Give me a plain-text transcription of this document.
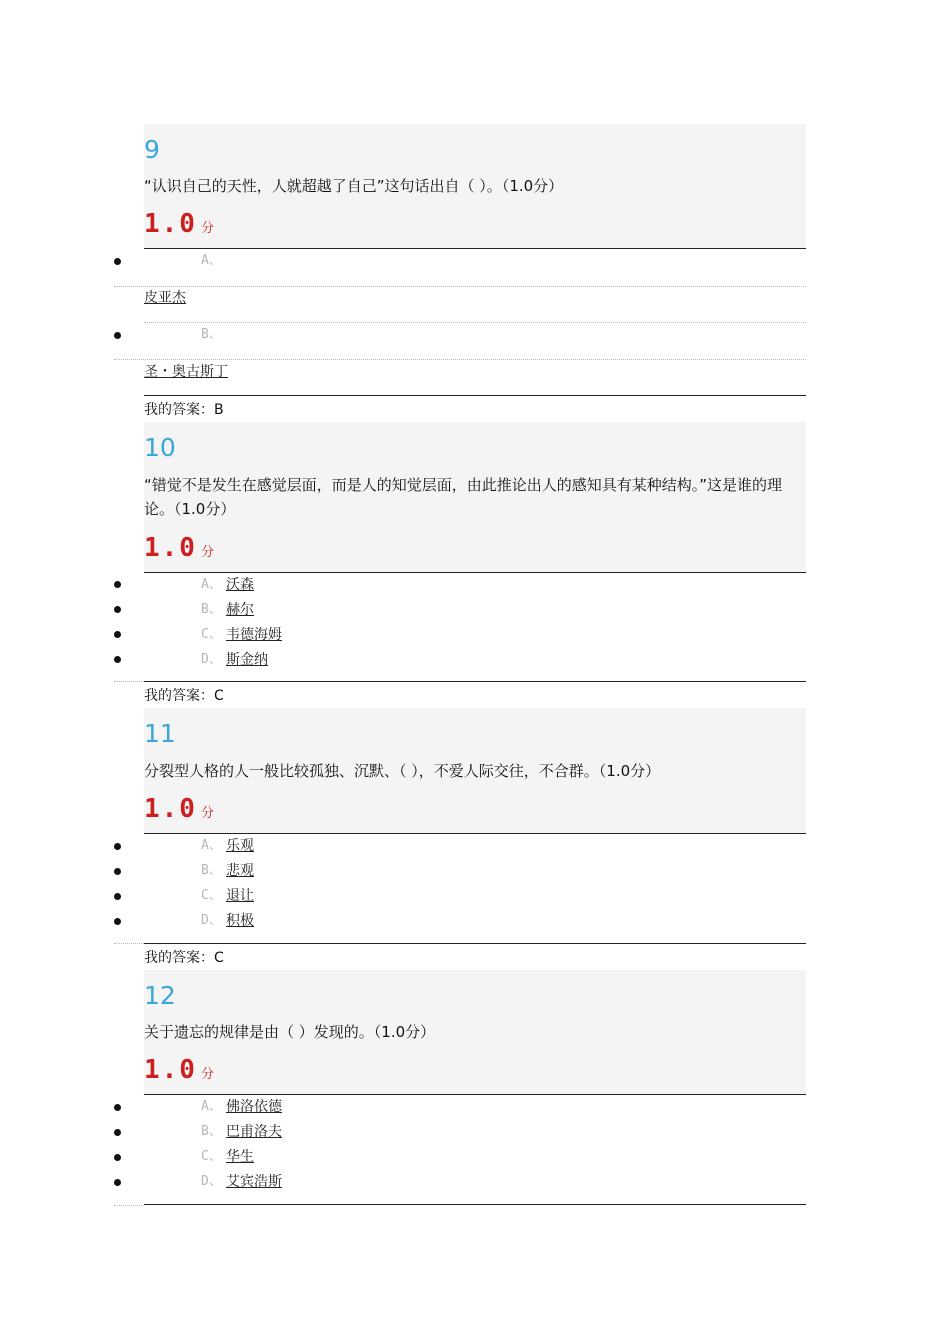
9
“认识自己的天性，人就超越了自己”这句话出自（ ）。（1.0分）
1.0 分
A、
皮亚杰
B、
圣・奥古斯丁
我的答案：B
10
“错觉不是发生在感觉层面，而是人的知觉层面，由此推论出人的感知具有某种结构。”这是谁的理论。（1.0分）
1.0 分
A、 沃森
B、 赫尔
C、 韦德海姆
D、 斯金纳
我的答案：C
11
分裂型人格的人一般比较孤独、沉默、（ ），不爱人际交往，不合群。（1.0分）
1.0 分
A、 乐观
B、 悲观
C、 退让
D、 积极
我的答案：C
12
关于遗忘的规律是由（ ）发现的。（1.0分）
1.0 分
A、 佛洛依德
B、 巴甫洛夫
C、 华生
D、 艾宾浩斯
